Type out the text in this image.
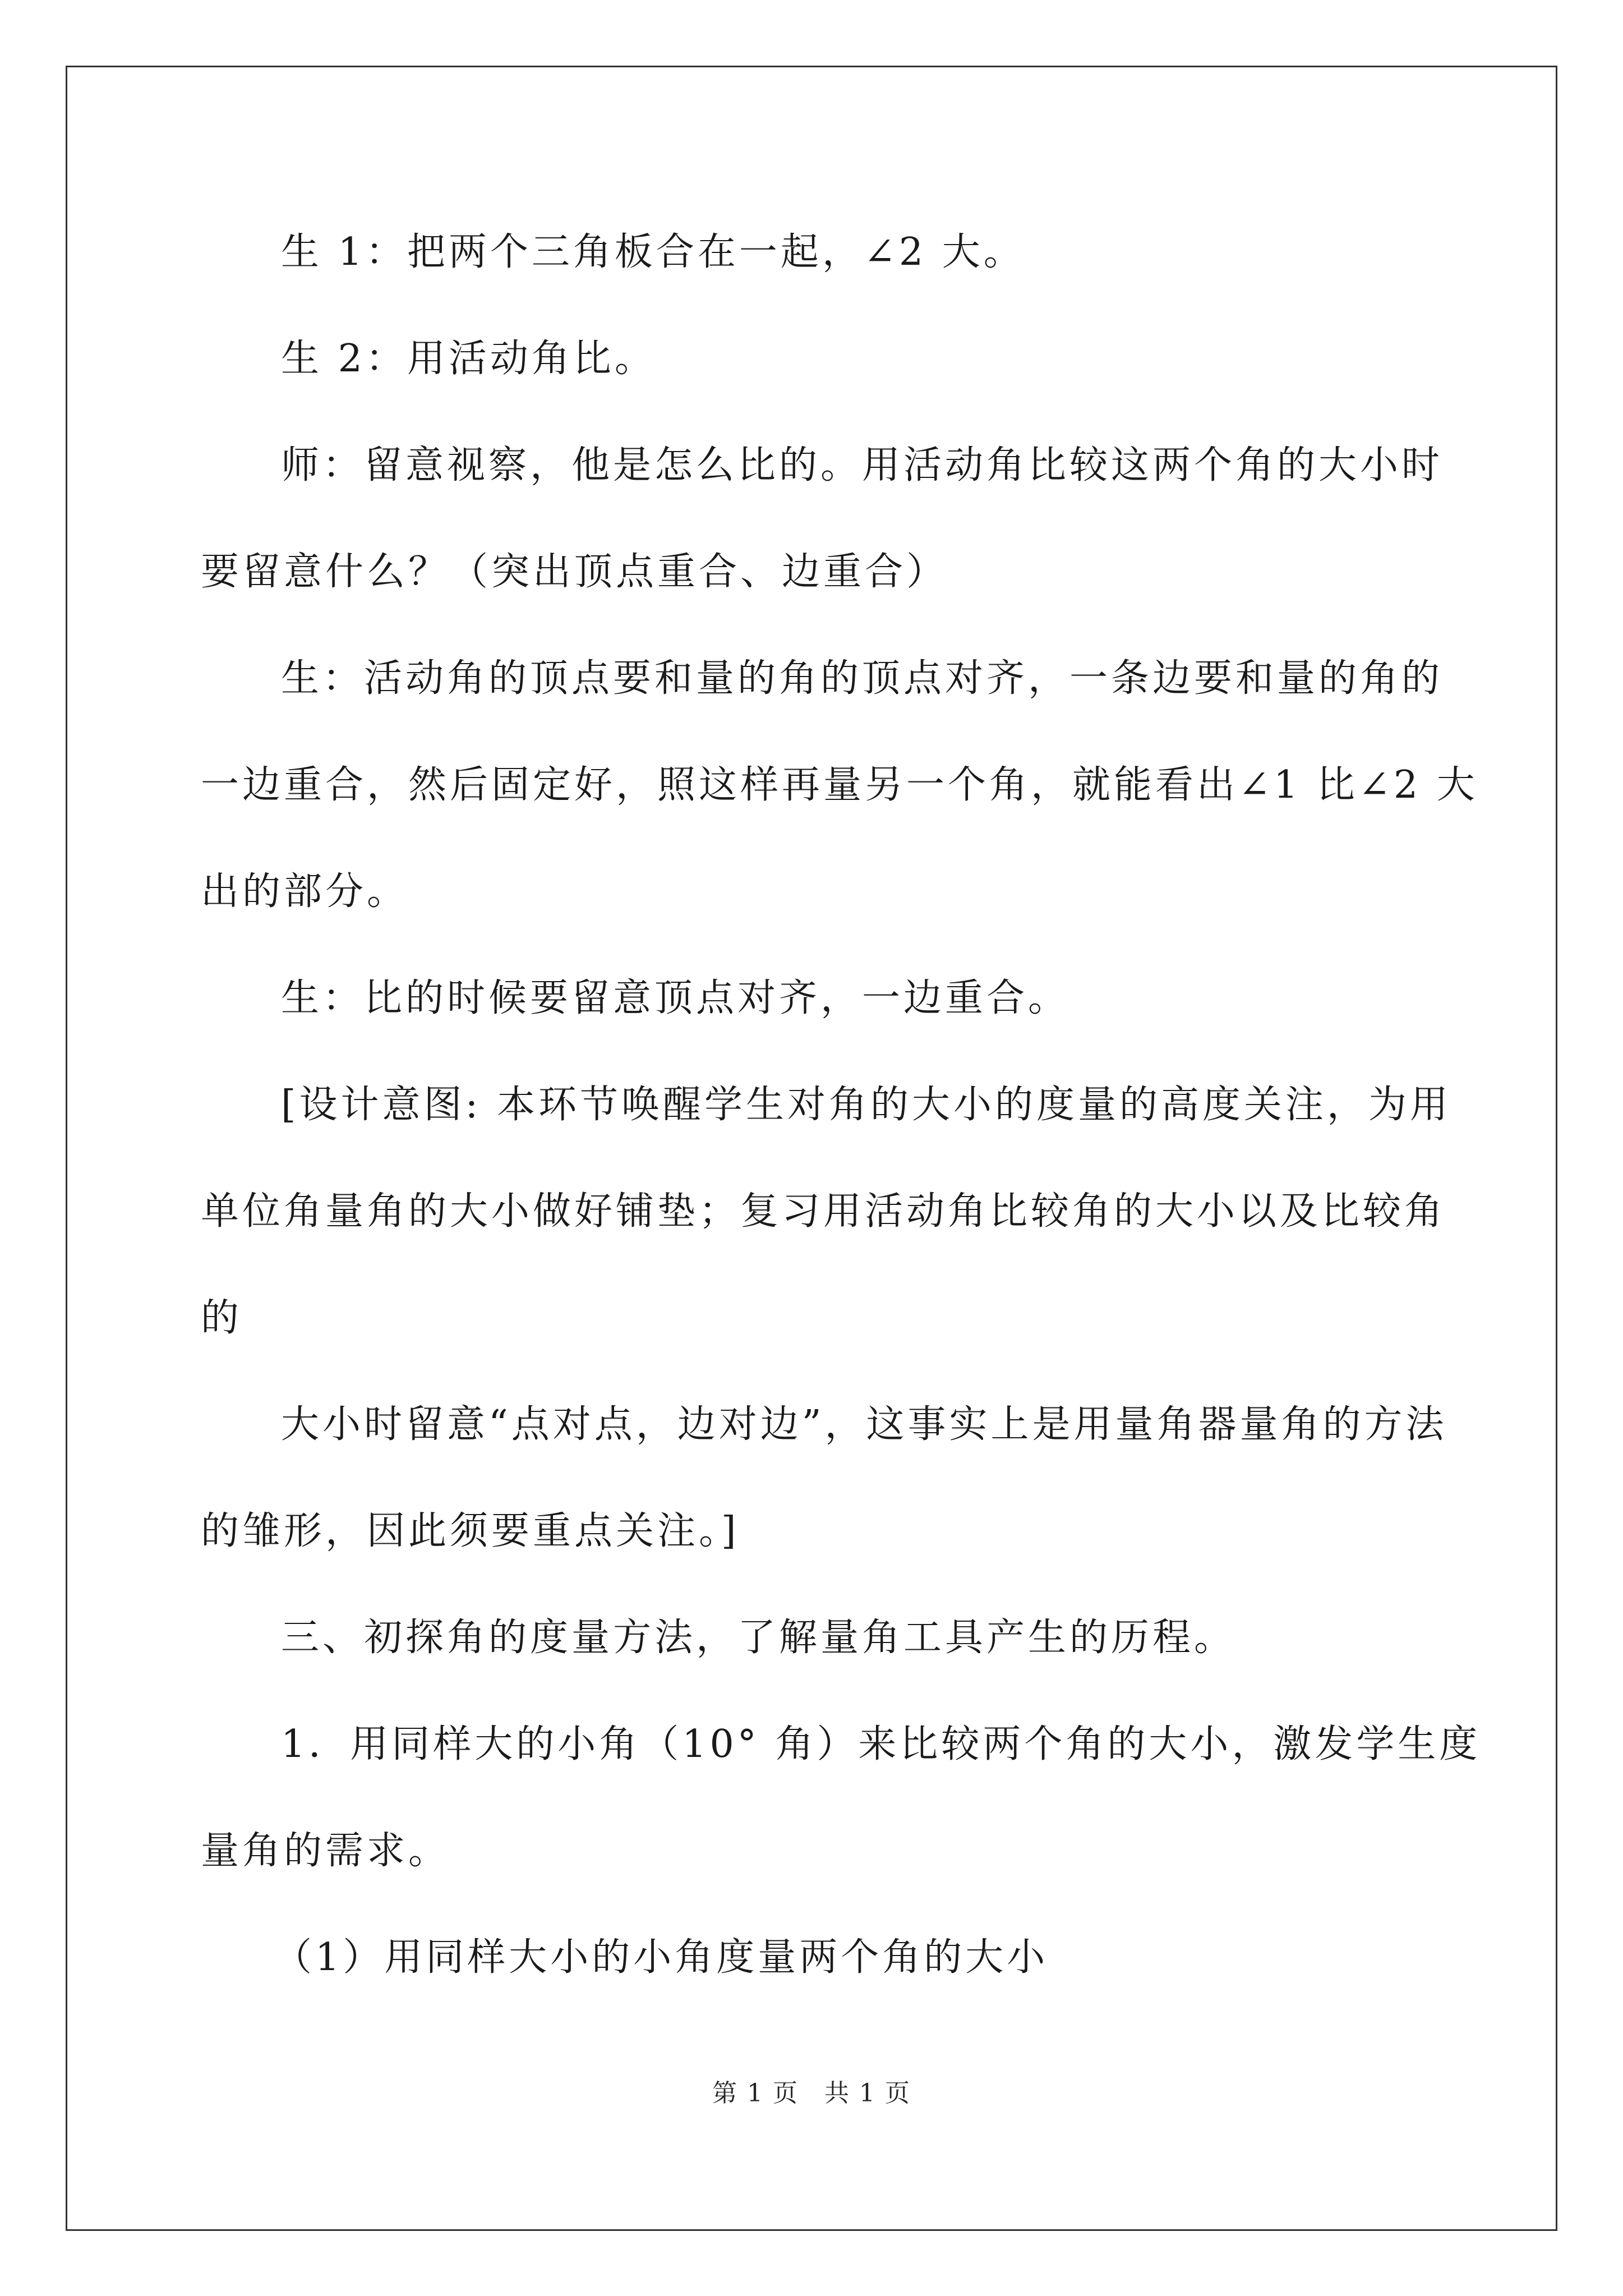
生 1：把两个三角板合在一起，∠2 大。

生 2：用活动角比。

师：留意视察，他是怎么比的。用活动角比较这两个角的大小时

要留意什么？（突出顶点重合、边重合）

生：活动角的顶点要和量的角的顶点对齐，一条边要和量的角的

一边重合，然后固定好，照这样再量另一个角，就能看出∠1 比∠2 大

出的部分。

生：比的时候要留意顶点对齐，一边重合。

[设计意图: 本环节唤醒学生对角的大小的度量的高度关注，为用

单位角量角的大小做好铺垫；复习用活动角比较角的大小以及比较角

的

大小时留意“点对点，边对边”，这事实上是用量角器量角的方法

的雏形，因此须要重点关注。]

三、初探角的度量方法，了解量角工具产生的历程。

1．用同样大的小角（10° 角）来比较两个角的大小，激发学生度

量角的需求。

（1）用同样大小的小角度量两个角的大小

第 1 页　共 1 页
